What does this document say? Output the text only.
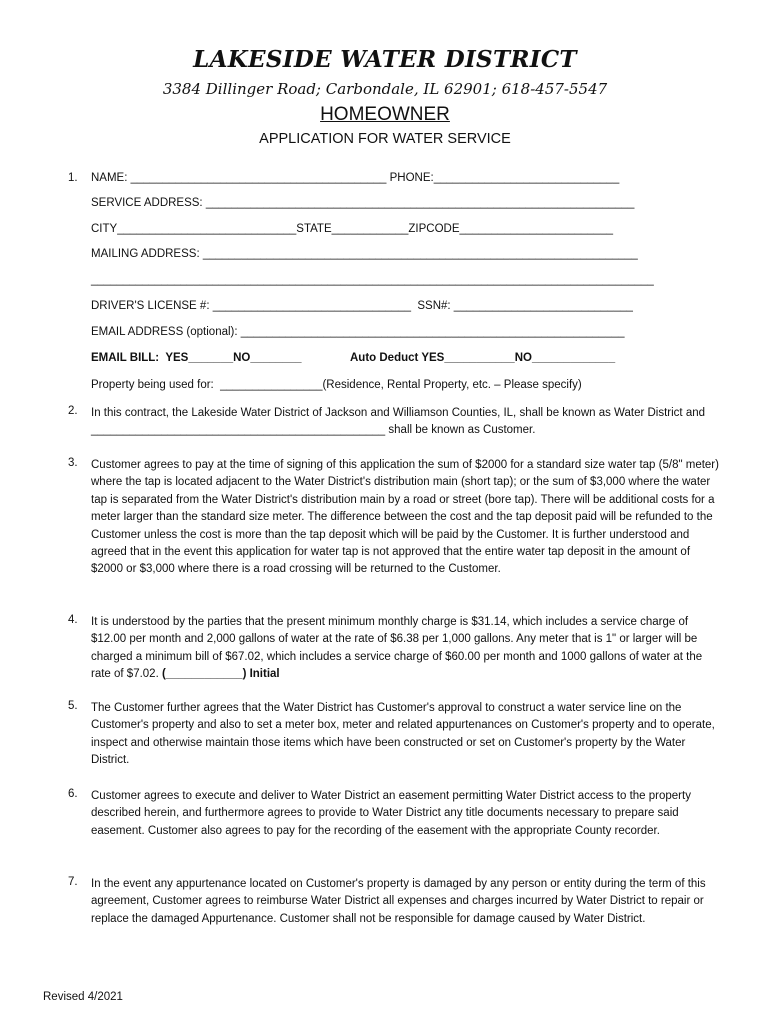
LAKESIDE WATER DISTRICT
3384 Dillinger Road; Carbondale, IL 62901; 618-457-5547
HOMEOWNER
APPLICATION FOR WATER SERVICE
1. NAME: ________________________________________ PHONE:_____________________________
SERVICE ADDRESS: ___________________________________________________________________
CITY____________________________STATE____________ZIPCODE________________________
MAILING ADDRESS: ____________________________________________________________________
________________________________________________________________________________________
DRIVER'S LICENSE #: _______________________________  SSN#: ____________________________
EMAIL ADDRESS (optional): ____________________________________________________________
EMAIL BILL:  YES_______NO________	Auto Deduct YES___________NO_____________
Property being used for:  ________________(Residence, Rental Property, etc. – Please specify)
2. In this contract, the Lakeside Water District of Jackson and Williamson Counties, IL, shall be known as Water District and ______________________________________________ shall be known as Customer.
3. Customer agrees to pay at the time of signing of this application the sum of $2000 for a standard size water tap (5/8" meter) where the tap is located adjacent to the Water District's distribution main (short tap); or the sum of $3,000 where the water tap is separated from the Water District's distribution main by a road or street (bore tap). There will be additional costs for a meter larger than the standard size meter. The difference between the cost and the tap deposit paid will be refunded to the Customer unless the cost is more than the tap deposit which will be paid by the Customer. It is further understood and agreed that in the event this application for water tap is not approved that the entire water tap deposit in the amount of $2000 or $3,000 where there is a road crossing will be returned to the Customer.
4. It is understood by the parties that the present minimum monthly charge is $31.14, which includes a service charge of $12.00 per month and 2,000 gallons of water at the rate of $6.38 per 1,000 gallons. Any meter that is 1" or larger will be charged a minimum bill of $67.02, which includes a service charge of $60.00 per month and 1000 gallons of water at the rate of $7.02. (____________) Initial
5. The Customer further agrees that the Water District has Customer's approval to construct a water service line on the Customer's property and also to set a meter box, meter and related appurtenances on Customer's property and to operate, inspect and otherwise maintain those items which have been constructed or set on Customer's property by the Water District.
6. Customer agrees to execute and deliver to Water District an easement permitting Water District access to the property described herein, and furthermore agrees to provide to Water District any title documents necessary to prepare said easement. Customer also agrees to pay for the recording of the easement with the appropriate County recorder.
7. In the event any appurtenance located on Customer's property is damaged by any person or entity during the term of this agreement, Customer agrees to reimburse Water District all expenses and charges incurred by Water District to repair or replace the damaged Appurtenance. Customer shall not be responsible for damage caused by Water District.
Revised 4/2021
